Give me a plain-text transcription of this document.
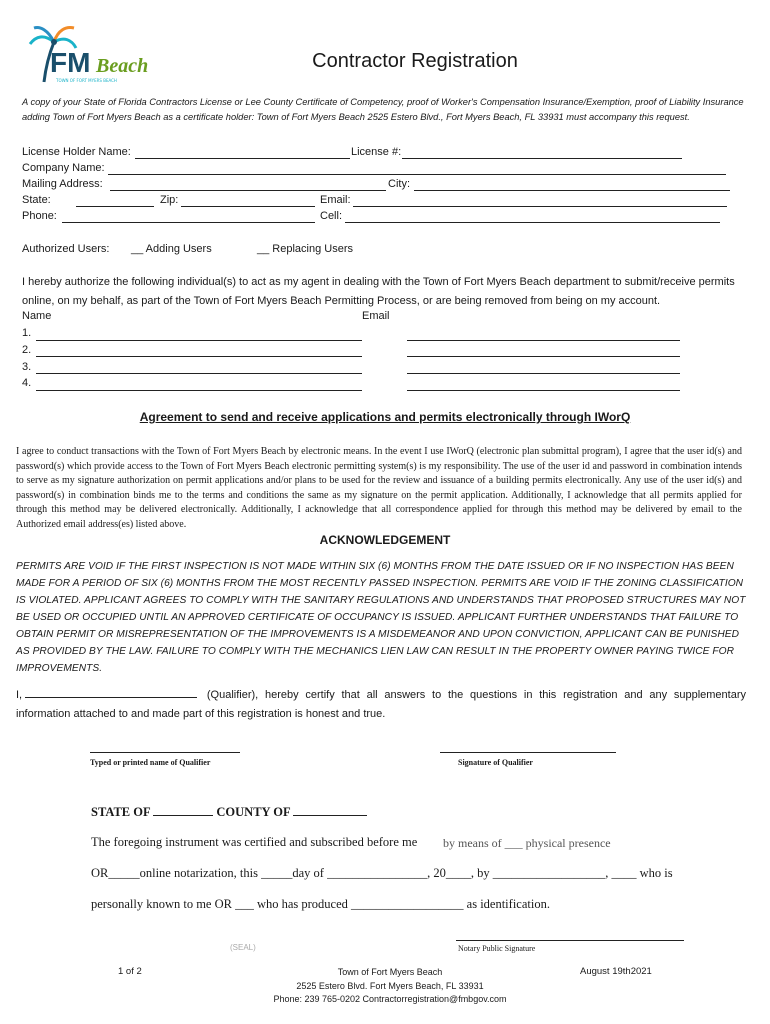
FM Beach
TOWN OF FORT MYERS BEACH
Contractor Registration
A copy of your State of Florida Contractors License or Lee County Certificate of Competency, proof of Worker's Compensation Insurance/Exemption, proof of Liability Insurance adding Town of Fort Myers Beach as a certificate holder: Town of Fort Myers Beach 2525 Estero Blvd., Fort Myers Beach, FL 33931 must accompany this request.
License Holder Name:	License #:
Company Name:
Mailing Address:	City:
State:	Zip:	Email:
Phone:	Cell:
Authorized Users: __ Adding Users	__ Replacing Users
I hereby authorize the following individual(s) to act as my agent in dealing with the Town of Fort Myers Beach department to submit/receive permits online, on my behalf, as part of the Town of Fort Myers Beach Permitting Process, or are being removed from being on my account.
Name	Email
1.
2.
3.
4.
Agreement to send and receive applications and permits electronically through IWorQ
I agree to conduct transactions with the Town of Fort Myers Beach by electronic means. In the event I use IWorQ (electronic plan submittal program), I agree that the user id(s) and password(s) which provide access to the Town of Fort Myers Beach electronic permitting system(s) is my responsibility. The use of the user id and password in combination intends to serve as my signature authorization on permit applications and/or plans to be used for the review and issuance of a building permits electronically. Any use of the user id(s) and password(s) in combination binds me to the terms and conditions the same as my signature on the permit application. Additionally, I acknowledge that all permits applied for through this method may be delivered electronically. Additionally, I acknowledge that all correspondence applied for through this method may be delivered by email to the Authorized email address(es) listed above.
ACKNOWLEDGEMENT
PERMITS ARE VOID IF THE FIRST INSPECTION IS NOT MADE WITHIN SIX (6) MONTHS FROM THE DATE ISSUED OR IF NO INSPECTION HAS BEEN MADE FOR A PERIOD OF SIX (6) MONTHS FROM THE MOST RECENTLY PASSED INSPECTION. PERMITS ARE VOID IF THE ZONING CLASSIFICATION IS VIOLATED. APPLICANT AGREES TO COMPLY WITH THE SANITARY REGULATIONS AND UNDERSTANDS THAT PROPOSED STRUCTURES MAY NOT BE USED OR OCCUPIED UNTIL AN APPROVED CERTIFICATE OF OCCUPANCY IS ISSUED. APPLICANT FURTHER UNDERSTANDS THAT FAILURE TO OBTAIN PERMIT OR MISREPRESENTATION OF THE IMPROVEMENTS IS A MISDEMEANOR AND UPON CONVICTION, APPLICANT CAN BE PUNISHED AS PROVIDED BY THE LAW. FAILURE TO COMPLY WITH THE MECHANICS LIEN LAW CAN RESULT IN THE PROPERTY OWNER PAYING TWICE FOR IMPROVEMENTS.
I,	(Qualifier), hereby certify that all answers to the questions in this registration and any supplementary information attached to and made part of this registration is honest and true.
Typed or printed name of Qualifier	Signature of Qualifier
STATE OF	COUNTY OF
The foregoing instrument was certified and subscribed before me by means of ___ physical presence
OR_____online notarization, this _____day of ________________, 20____, by __________________, ____ who is
personally known to me OR ___ who has produced __________________ as identification.
(SEAL)	Notary Public Signature
1 of 2	Town of Fort Myers Beach
2525 Estero Blvd. Fort Myers Beach, FL 33931
Phone: 239 765-0202 Contractorregistration@fmbgov.com
August 19th2021
